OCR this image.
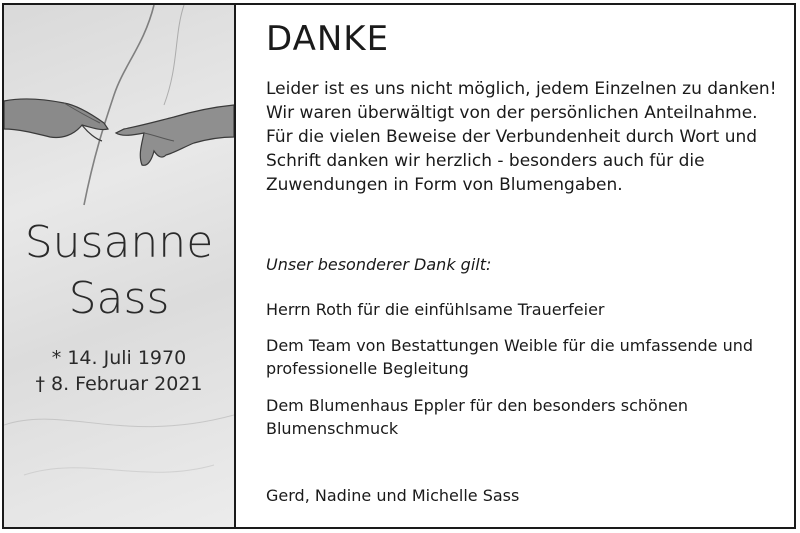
Susanne
Sass
* 14. Juli 1970
† 8. Februar 2021
DANKE

Leider ist es uns nicht möglich, jedem Einzelnen zu danken! Wir waren überwältigt von der persönlichen Anteilnahme. Für die vielen Beweise der Verbundenheit durch Wort und Schrift danken wir herzlich - besonders auch für die Zuwendungen in Form von Blumengaben.

Unser besonderer Dank gilt:

Herrn Roth für die einfühlsame Trauerfeier

Dem Team von Bestattungen Weible für die umfassende und professionelle Begleitung

Dem Blumenhaus Eppler für den besonders schönen Blumenschmuck

Gerd, Nadine und Michelle Sass
